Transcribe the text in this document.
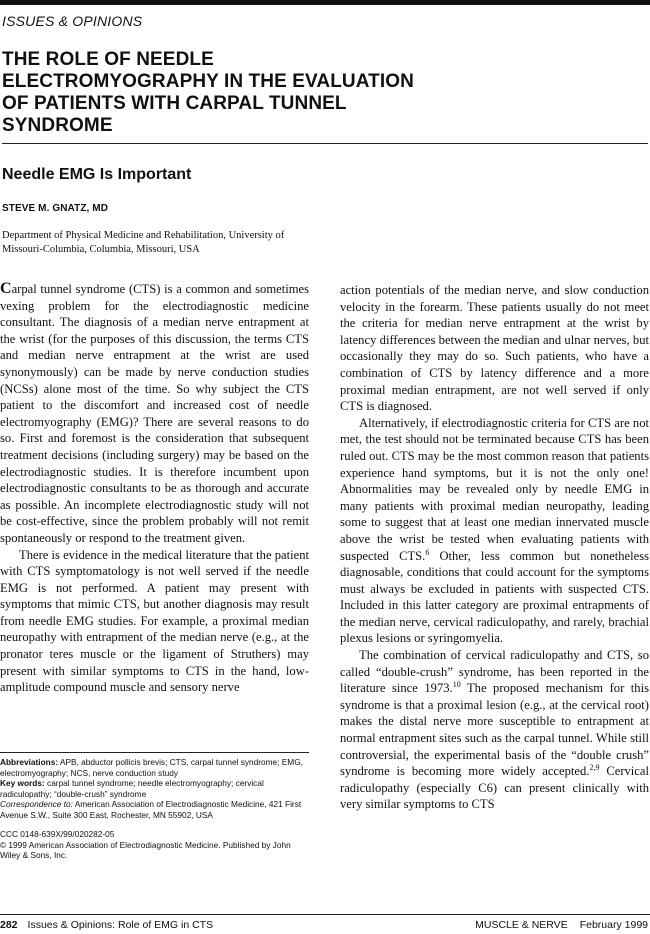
ISSUES & OPINIONS
THE ROLE OF NEEDLE ELECTROMYOGRAPHY IN THE EVALUATION OF PATIENTS WITH CARPAL TUNNEL SYNDROME
Needle EMG Is Important
STEVE M. GNATZ, MD
Department of Physical Medicine and Rehabilitation, University of Missouri-Columbia, Columbia, Missouri, USA

Carpal tunnel syndrome (CTS) is a common and sometimes vexing problem for the electrodiagnostic medicine consultant. The diagnosis of a median nerve entrapment at the wrist (for the purposes of this discussion, the terms CTS and median nerve entrapment at the wrist are used synonymously) can be made by nerve conduction studies (NCSs) alone most of the time. So why subject the CTS patient to the discomfort and increased cost of needle electromyography (EMG)? There are several reasons to do so. First and foremost is the consideration that subsequent treatment decisions (including surgery) may be based on the electrodiagnostic studies. It is therefore incumbent upon electrodiagnostic consultants to be as thorough and accurate as possible. An incomplete electrodiagnostic study will not be cost-effective, since the problem probably will not remit spontaneously or respond to the treatment given.

There is evidence in the medical literature that the patient with CTS symptomatology is not well served if the needle EMG is not performed. A patient may present with symptoms that mimic CTS, but another diagnosis may result from needle EMG studies. For example, a proximal median neuropathy with entrapment of the median nerve (e.g., at the pronator teres muscle or the ligament of Struthers) may present with similar symptoms to CTS in the hand, low-amplitude compound muscle and sensory nerve

action potentials of the median nerve, and slow conduction velocity in the forearm. These patients usually do not meet the criteria for median nerve entrapment at the wrist by latency differences between the median and ulnar nerves, but occasionally they may do so. Such patients, who have a combination of CTS by latency difference and a more proximal median entrapment, are not well served if only CTS is diagnosed.

Alternatively, if electrodiagnostic criteria for CTS are not met, the test should not be terminated because CTS has been ruled out. CTS may be the most common reason that patients experience hand symptoms, but it is not the only one! Abnormalities may be revealed only by needle EMG in many patients with proximal median neuropathy, leading some to suggest that at least one median innervated muscle above the wrist be tested when evaluating patients with suspected CTS.$^6$ Other, less common but nonetheless diagnosable, conditions that could account for the symptoms must always be excluded in patients with suspected CTS. Included in this latter category are proximal entrapments of the median nerve, cervical radiculopathy, and rarely, brachial plexus lesions or syringomyelia.

The combination of cervical radiculopathy and CTS, so called “double-crush” syndrome, has been reported in the literature since 1973.10 The proposed mechanism for this syndrome is that a proximal lesion (e.g., at the cervical root) makes the distal nerve more susceptible to entrapment at normal entrapment sites such as the carpal tunnel. While still controversial, the experimental basis of the “double crush” syndrome is becoming more widely accepted.$^{2,9}$ Cervical radiculopathy (especially C6) can present clinically with very similar symptoms to CTS

Abbreviations: APB, abductor pollicis brevis; CTS, carpal tunnel syndrome; EMG, electromyography; NCS, nerve conduction study

Key words: carpal tunnel syndrome; needle electromyography; cervical radiculopathy; “double-crush” syndrome

Correspondence to: American Association of Electrodiagnostic Medicine, 421 First Avenue S.W., Suite 300 East, Rochester, MN 55902, USA

CCC 0148-639X/99/020282-05

© 1999 American Association of Electrodiagnostic Medicine. Published by John Wiley & Sons, Inc.

282 Issues & Opinions: Role of EMG in CTS	MUSCLE & NERVE February 1999
